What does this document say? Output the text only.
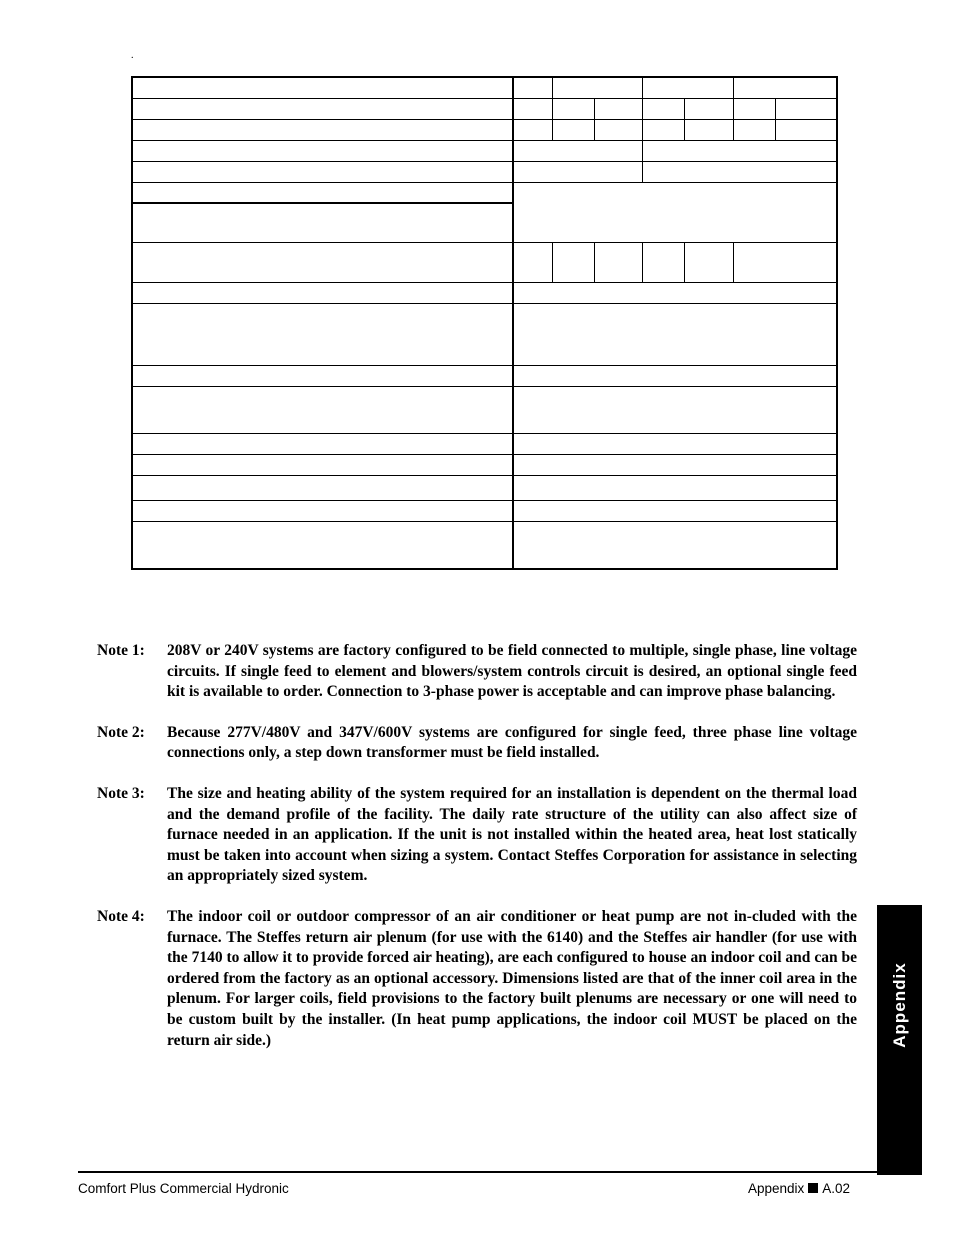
.
Note 1:	208V or 240V systems are factory configured to be field connected to multiple, single phase, line voltage circuits. If single feed to element and blowers/system controls circuit is desired, an optional single feed kit is available to order. Connection to 3-phase power is acceptable and can improve phase balancing.
Note 2:	Because 277V/480V and 347V/600V systems are configured for single feed, three phase line voltage connections only, a step down transformer must be field installed.
Note 3:	The size and heating ability of the system required for an installation is dependent on the thermal load and the demand profile of the facility. The daily rate structure of the utility can also affect size of furnace needed in an application. If the unit is not installed within the heated area, heat lost statically must be taken into account when sizing a system. Contact Steffes Corporation for assistance in selecting an appropriately sized system.
Note 4:	The indoor coil or outdoor compressor of an air conditioner or heat pump are not in-cluded with the furnace. The Steffes return air plenum (for use with the 6140) and the Steffes air handler (for use with the 7140 to allow it to provide forced air heating), are each configured to house an indoor coil and can be ordered from the factory as an optional accessory. Dimensions listed are that of the inner coil area in the plenum. For larger coils, field provisions to the factory built plenums are necessary or one will need to be custom built by the installer. (In heat pump applications, the indoor coil MUST be placed on the return air side.)	Appendix
Comfort Plus Commercial Hydronic	Appendix A.02
